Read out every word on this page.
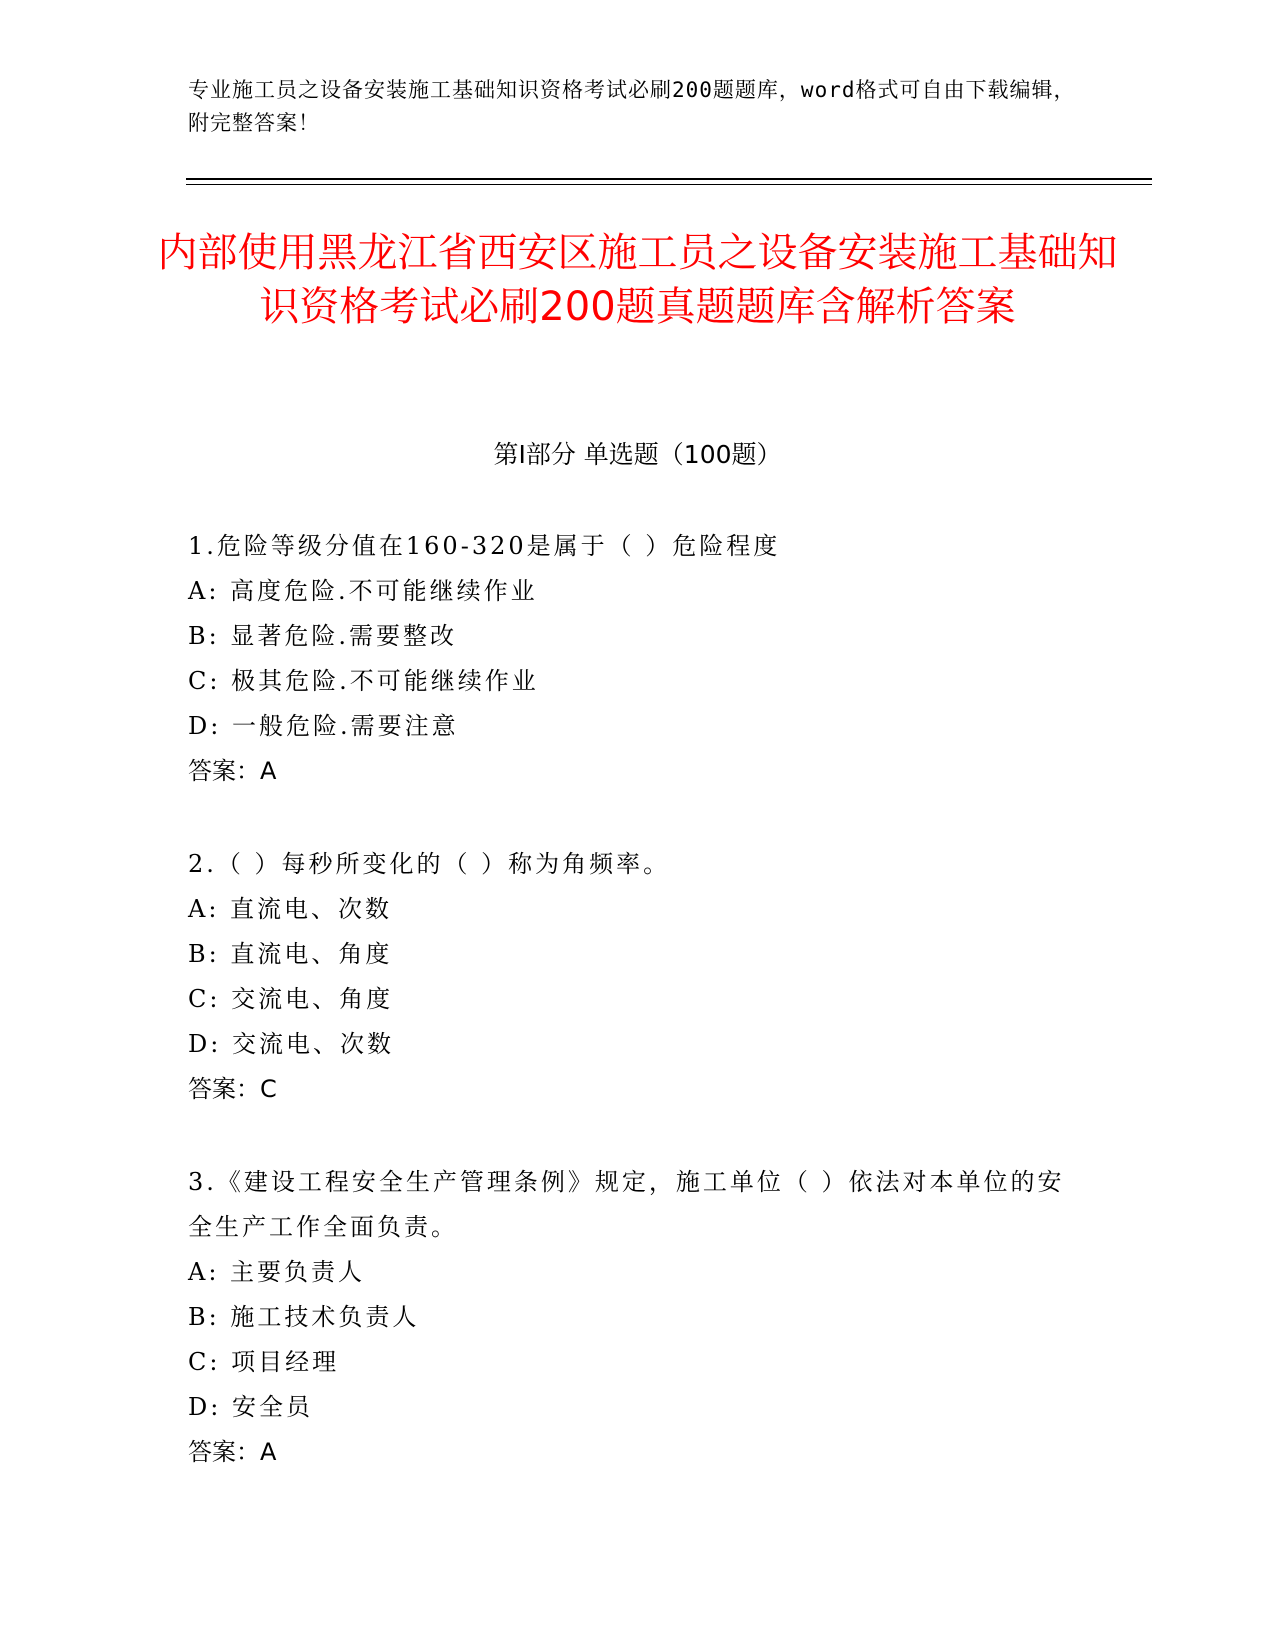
专业施工员之设备安装施工基础知识资格考试必刷200题题库，word格式可自由下载编辑，附完整答案！
内部使用黑龙江省西安区施工员之设备安装施工基础知识资格考试必刷200题真题题库含解析答案
第Ⅰ部分 单选题（100题）
1.危险等级分值在160-320是属于（ ）危险程度
A: 高度危险.不可能继续作业
B: 显著危险.需要整改
C: 极其危险.不可能继续作业
D: 一般危险.需要注意
答案：A
2.（ ）每秒所变化的（ ）称为角频率。
A: 直流电、次数
B: 直流电、角度
C: 交流电、角度
D: 交流电、次数
答案：C
3.《建设工程安全生产管理条例》规定，施工单位（ ）依法对本单位的安全生产工作全面负责。
A: 主要负责人
B: 施工技术负责人
C: 项目经理
D: 安全员
答案：A
